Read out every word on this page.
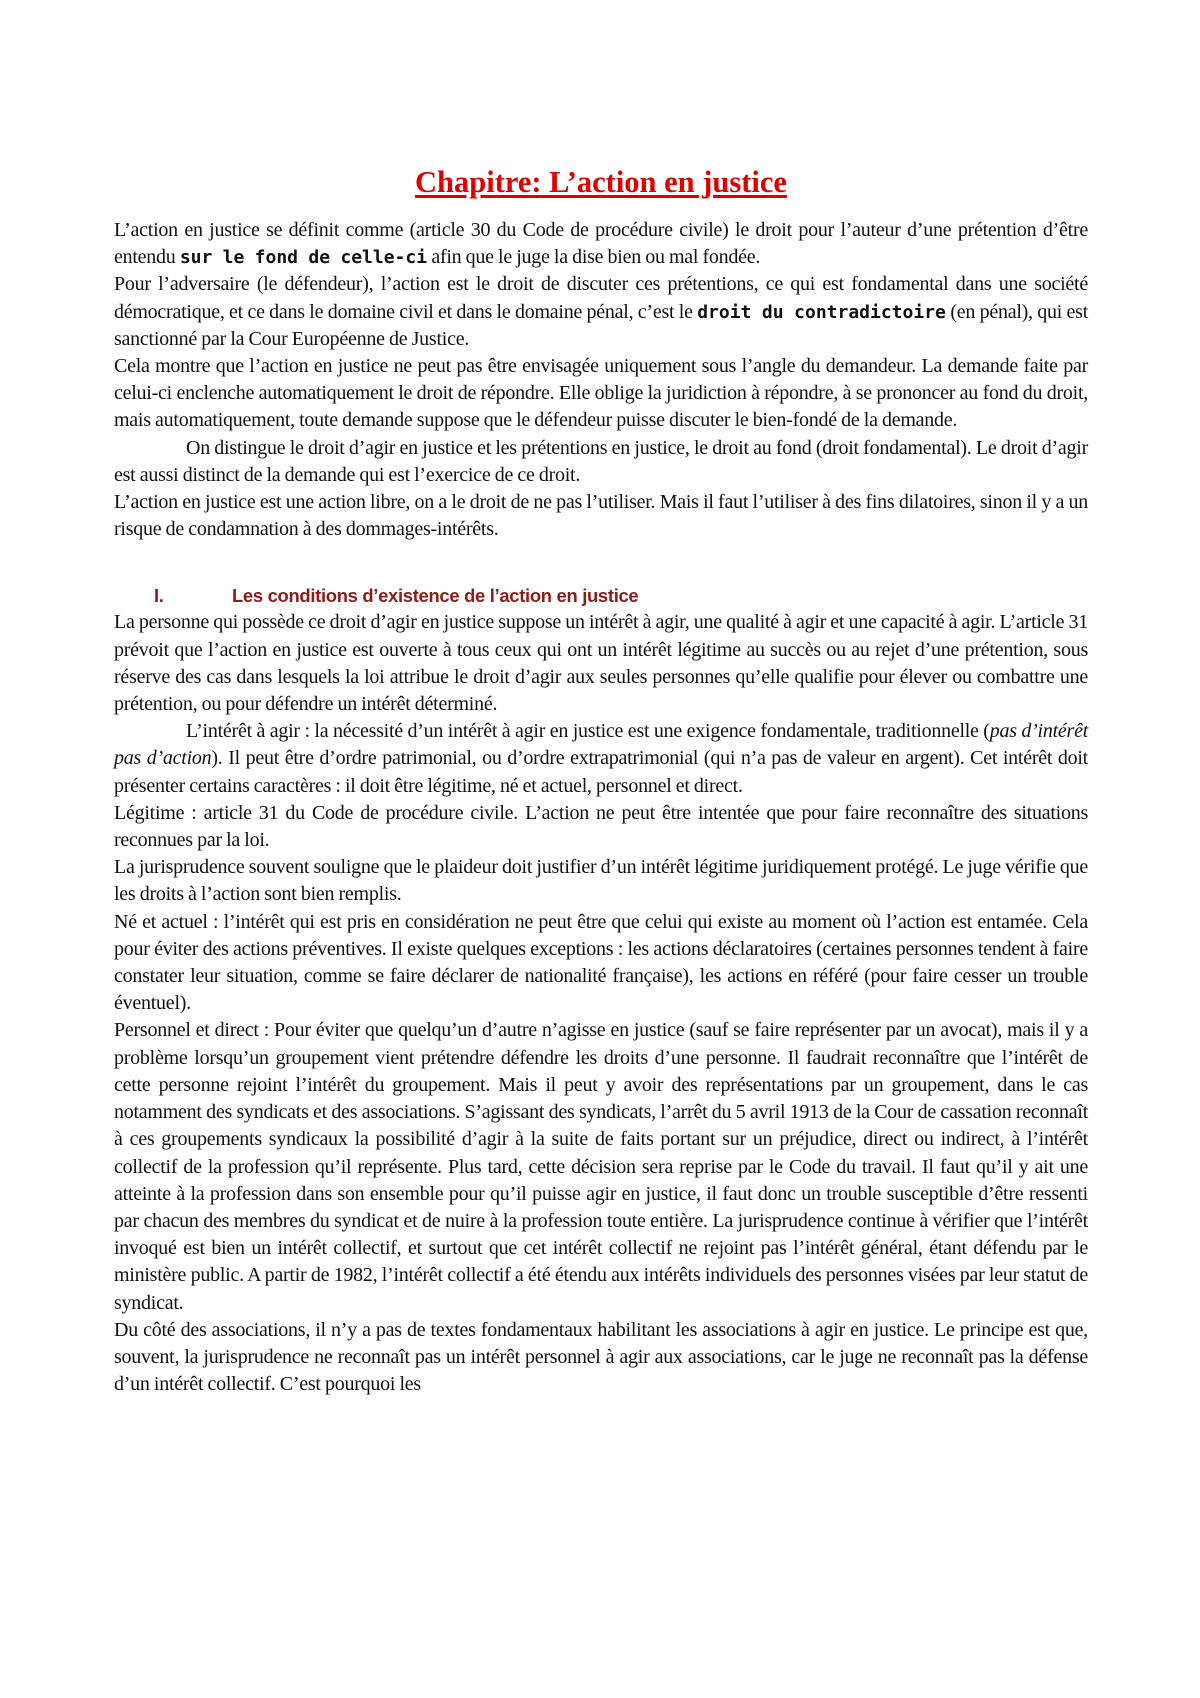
Chapitre: L’action en justice

L’action en justice se définit comme (article 30 du Code de procédure civile) le droit pour l’auteur d’une prétention d’être entendu sur le fond de celle-ci afin que le juge la dise bien ou mal fondée.

Pour l’adversaire (le défendeur), l’action est le droit de discuter ces prétentions, ce qui est fondamental dans une société démocratique, et ce dans le domaine civil et dans le domaine pénal, c’est le droit du contradictoire (en pénal), qui est sanctionné par la Cour Européenne de Justice.

Cela montre que l’action en justice ne peut pas être envisagée uniquement sous l’angle du demandeur. La demande faite par celui-ci enclenche automatiquement le droit de répondre. Elle oblige la juridiction à répondre, à se prononcer au fond du droit, mais automatiquement, toute demande suppose que le défendeur puisse discuter le bien-fondé de la demande.

On distingue le droit d’agir en justice et les prétentions en justice, le droit au fond (droit fondamental). Le droit d’agir est aussi distinct de la demande qui est l’exercice de ce droit.

L’action en justice est une action libre, on a le droit de ne pas l’utiliser. Mais il faut l’utiliser à des fins dilatoires, sinon il y a un risque de condamnation à des dommages-intérêts.

I.	Les conditions d’existence de l’action en justice

La personne qui possède ce droit d’agir en justice suppose un intérêt à agir, une qualité à agir et une capacité à agir. L’article 31 prévoit que l’action en justice est ouverte à tous ceux qui ont un intérêt légitime au succès ou au rejet d’une prétention, sous réserve des cas dans lesquels la loi attribue le droit d’agir aux seules personnes qu’elle qualifie pour élever ou combattre une prétention, ou pour défendre un intérêt déterminé.

L’intérêt à agir : la nécessité d’un intérêt à agir en justice est une exigence fondamentale, traditionnelle (pas d’intérêt pas d’action). Il peut être d’ordre patrimonial, ou d’ordre extrapatrimonial (qui n’a pas de valeur en argent). Cet intérêt doit présenter certains caractères : il doit être légitime, né et actuel, personnel et direct.

Légitime : article 31 du Code de procédure civile. L’action ne peut être intentée que pour faire reconnaître des situations reconnues par la loi.

La jurisprudence souvent souligne que le plaideur doit justifier d’un intérêt légitime juridiquement protégé. Le juge vérifie que les droits à l’action sont bien remplis.

Né et actuel : l’intérêt qui est pris en considération ne peut être que celui qui existe au moment où l’action est entamée. Cela pour éviter des actions préventives. Il existe quelques exceptions : les actions déclaratoires (certaines personnes tendent à faire constater leur situation, comme se faire déclarer de nationalité française), les actions en référé (pour faire cesser un trouble éventuel).

Personnel et direct : Pour éviter que quelqu’un d’autre n’agisse en justice (sauf se faire représenter par un avocat), mais il y a problème lorsqu’un groupement vient prétendre défendre les droits d’une personne. Il faudrait reconnaître que l’intérêt de cette personne rejoint l’intérêt du groupement. Mais il peut y avoir des représentations par un groupement, dans le cas notamment des syndicats et des associations. S’agissant des syndicats, l’arrêt du 5 avril 1913 de la Cour de cassation reconnaît à ces groupements syndicaux la possibilité d’agir à la suite de faits portant sur un préjudice, direct ou indirect, à l’intérêt collectif de la profession qu’il représente. Plus tard, cette décision sera reprise par le Code du travail. Il faut qu’il y ait une atteinte à la profession dans son ensemble pour qu’il puisse agir en justice, il faut donc un trouble susceptible d’être ressenti par chacun des membres du syndicat et de nuire à la profession toute entière. La jurisprudence continue à vérifier que l’intérêt invoqué est bien un intérêt collectif, et surtout que cet intérêt collectif ne rejoint pas l’intérêt général, étant défendu par le ministère public. A partir de 1982, l’intérêt collectif a été étendu aux intérêts individuels des personnes visées par leur statut de syndicat.

Du côté des associations, il n’y a pas de textes fondamentaux habilitant les associations à agir en justice. Le principe est que, souvent, la jurisprudence ne reconnaît pas un intérêt personnel à agir aux associations, car le juge ne reconnaît pas la défense d’un intérêt collectif. C’est pourquoi les
